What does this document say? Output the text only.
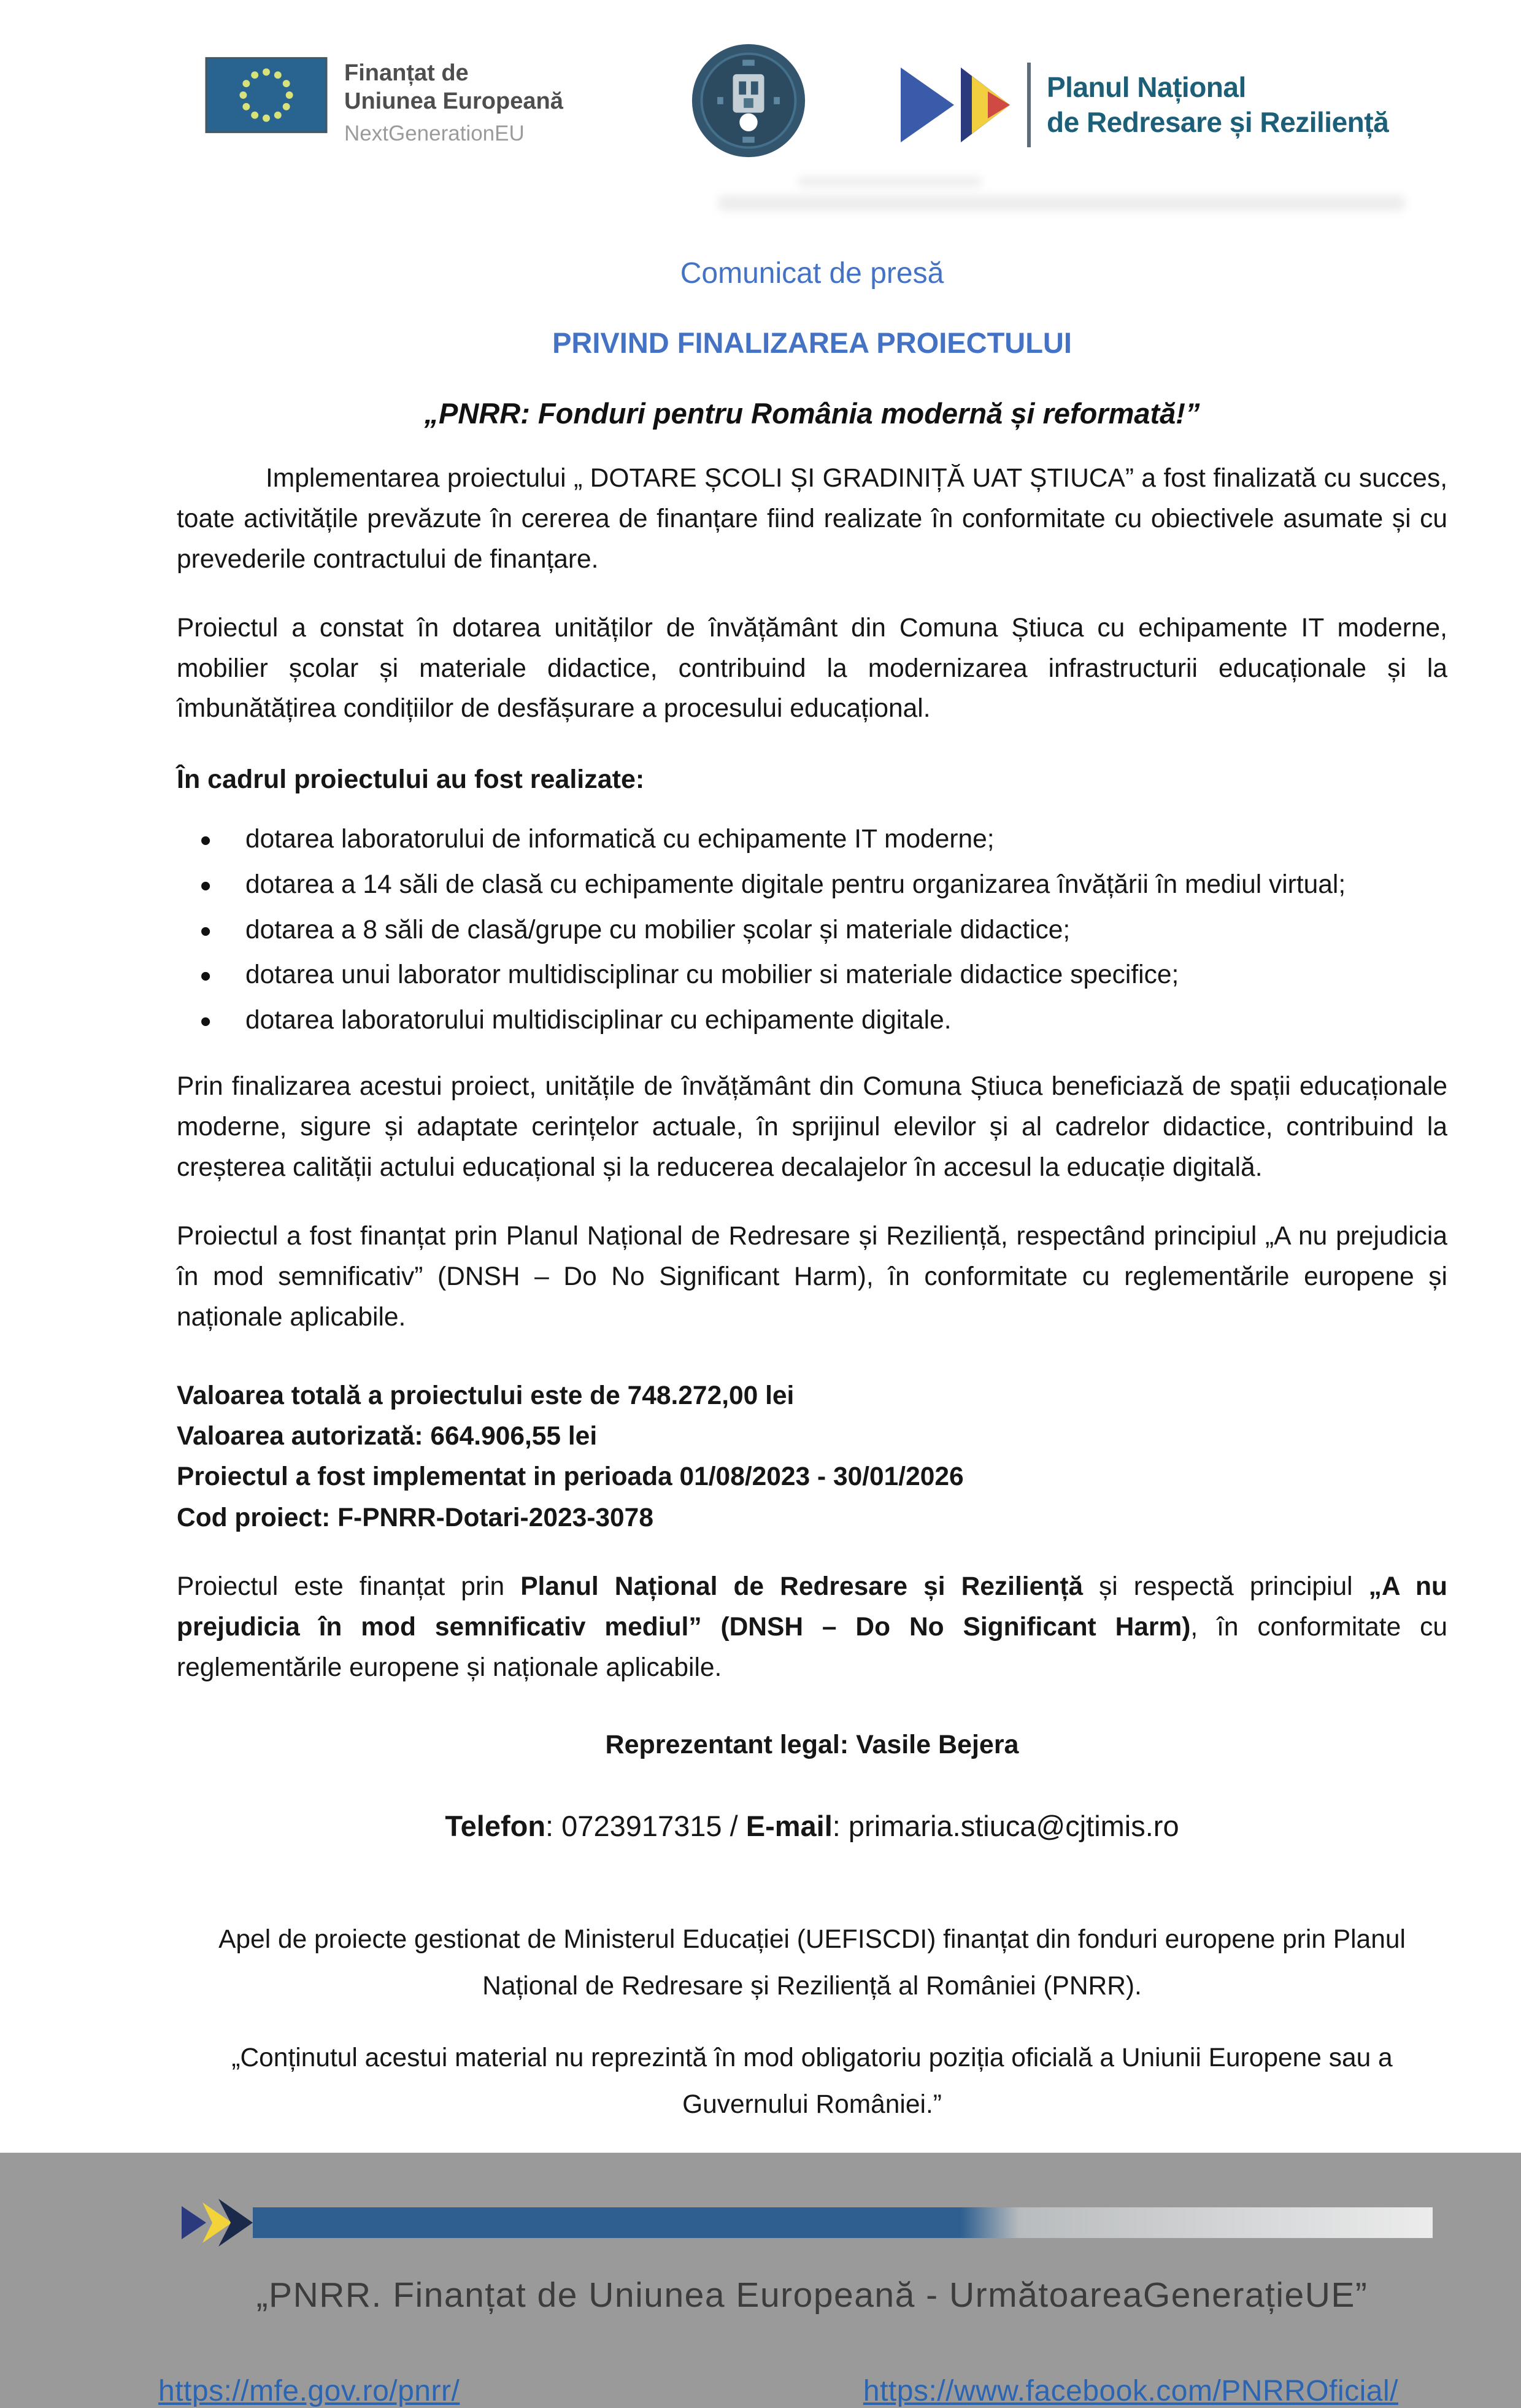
Finanțat de
Uniunea Europeană
NextGenerationEU
Planul Național
de Redresare și Reziliență
Comunicat de presă
PRIVIND FINALIZAREA PROIECTULUI
„PNRR: Fonduri pentru România modernă și reformată!”

Implementarea proiectului „ DOTARE ȘCOLI ȘI GRADINIȚĂ UAT ȘTIUCA” a fost finalizată cu succes, toate activitățile prevăzute în cererea de finanțare fiind realizate în conformitate cu obiectivele asumate și cu prevederile contractului de finanțare.

Proiectul a constat în dotarea unităților de învățământ din Comuna Știuca cu echipamente IT moderne, mobilier școlar și materiale didactice, contribuind la modernizarea infrastructurii educaționale și la îmbunătățirea condițiilor de desfășurare a procesului educațional.

În cadrul proiectului au fost realizate:
• dotarea laboratorului de informatică cu echipamente IT moderne;
• dotarea a 14 săli de clasă cu echipamente digitale pentru organizarea învățării în mediul virtual;
• dotarea a 8 săli de clasă/grupe cu mobilier școlar și materiale didactice;
• dotarea unui laborator multidisciplinar cu mobilier si materiale didactice specifice;
• dotarea laboratorului multidisciplinar cu echipamente digitale.

Prin finalizarea acestui proiect, unitățile de învățământ din Comuna Știuca beneficiază de spații educaționale moderne, sigure și adaptate cerințelor actuale, în sprijinul elevilor și al cadrelor didactice, contribuind la creșterea calității actului educațional și la reducerea decalajelor în accesul la educație digitală.

Proiectul a fost finanțat prin Planul Național de Redresare și Reziliență, respectând principiul „A nu prejudicia în mod semnificativ” (DNSH – Do No Significant Harm), în conformitate cu reglementările europene și naționale aplicabile.

Valoarea totală a proiectului este de 748.272,00 lei
Valoarea autorizată: 664.906,55 lei
Proiectul a fost implementat in perioada 01/08/2023 - 30/01/2026
Cod proiect: F-PNRR-Dotari-2023-3078

Proiectul este finanțat prin Planul Național de Redresare și Reziliență și respectă principiul „A nu prejudicia în mod semnificativ mediul” (DNSH – Do No Significant Harm), în conformitate cu reglementările europene și naționale aplicabile.

Reprezentant legal: Vasile Bejera
Telefon: 0723917315 / E-mail: primaria.stiuca@cjtimis.ro
Apel de proiecte gestionat de Ministerul Educației (UEFISCDI) finanțat din fonduri europene prin Planul Național de Redresare și Reziliență al României (PNRR).
„Conținutul acestui material nu reprezintă în mod obligatoriu poziția oficială a Uniunii Europene sau a Guvernului României.”
„PNRR. Finanțat de Uniunea Europeană - UrmătoareaGenerațieUE”
https://mfe.gov.ro/pnrr/	https://www.facebook.com/PNRROficial/
